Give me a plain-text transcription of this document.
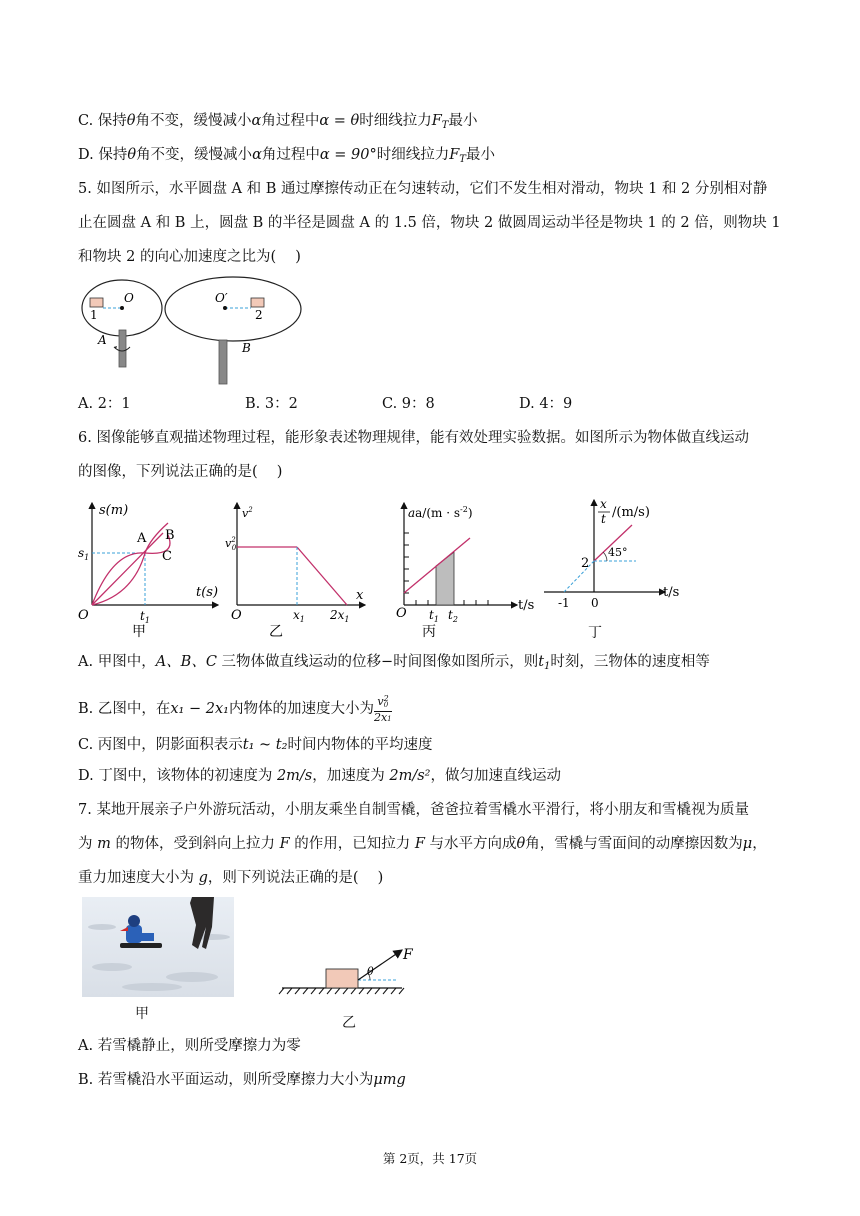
C. 保持θ角不变，缓慢减小α角过程中α = θ时细线拉力$F_T$最小
D. 保持θ角不变，缓慢减小α角过程中α = 90°时细线拉力$F_T$最小
5. 如图所示，水平圆盘 A 和 B 通过摩擦传动正在匀速转动，它们不发生相对滑动，物块 1 和 2 分别相对静
止在圆盘 A 和 B 上，圆盘 B 的半径是圆盘 A 的 1.5 倍，物块 2 做圆周运动半径是物块 1 的 2 倍，则物块 1
和物块 2 的向心加速度之比为(　 )
O	O′
1	2
A
B
A. 2：1	B. 3：2	C. 9：8	D. 4：9
6. 图像能够直观描述物理过程，能形象表述物理规律，能有效处理实验数据。如图所示为物体做直线运动
的图像，下列说法正确的是(　 )
s(m)
A B
C
$s_1$
O	$t_1$
t(s)
甲
$v^2$
$v^2$ 0
O	$x_1$ $2x_1$
x
乙
$aa/(m \cdot s^{-2})$
O $t_1$ $t_2$
t/s
丙
x
t /(m/s)
2
45°
-1 0
t/s
丁
A. 甲图中，A、B、C 三物体做直线运动的位移−时间图像如图所示，则$t_1$时刻，三物体的速度相等
B. 乙图中，在x₁ − 2x₁内物体的加速度大小为 $\frac{v^20}{2x1}$
C. 丙图中，阴影面积表示t₁ ~ t₂时间内物体的平均速度
D. 丁图中，该物体的初速度为 2m/s，加速度为 2m/s²，做匀加速直线运动
7. 某地开展亲子户外游玩活动，小朋友乘坐自制雪橇，爸爸拉着雪橇水平滑行，将小朋友和雪橇视为质量
为 m 的物体，受到斜向上拉力 F 的作用，已知拉力 F 与水平方向成θ角，雪橇与雪面间的动摩擦因数为μ，
重力加速度大小为 g，则下列说法正确的是(　 )
甲
F
θ
乙
A. 若雪橇静止，则所受摩擦力为零
B. 若雪橇沿水平面运动，则所受摩擦力大小为μmg
第 2页，共 17页
